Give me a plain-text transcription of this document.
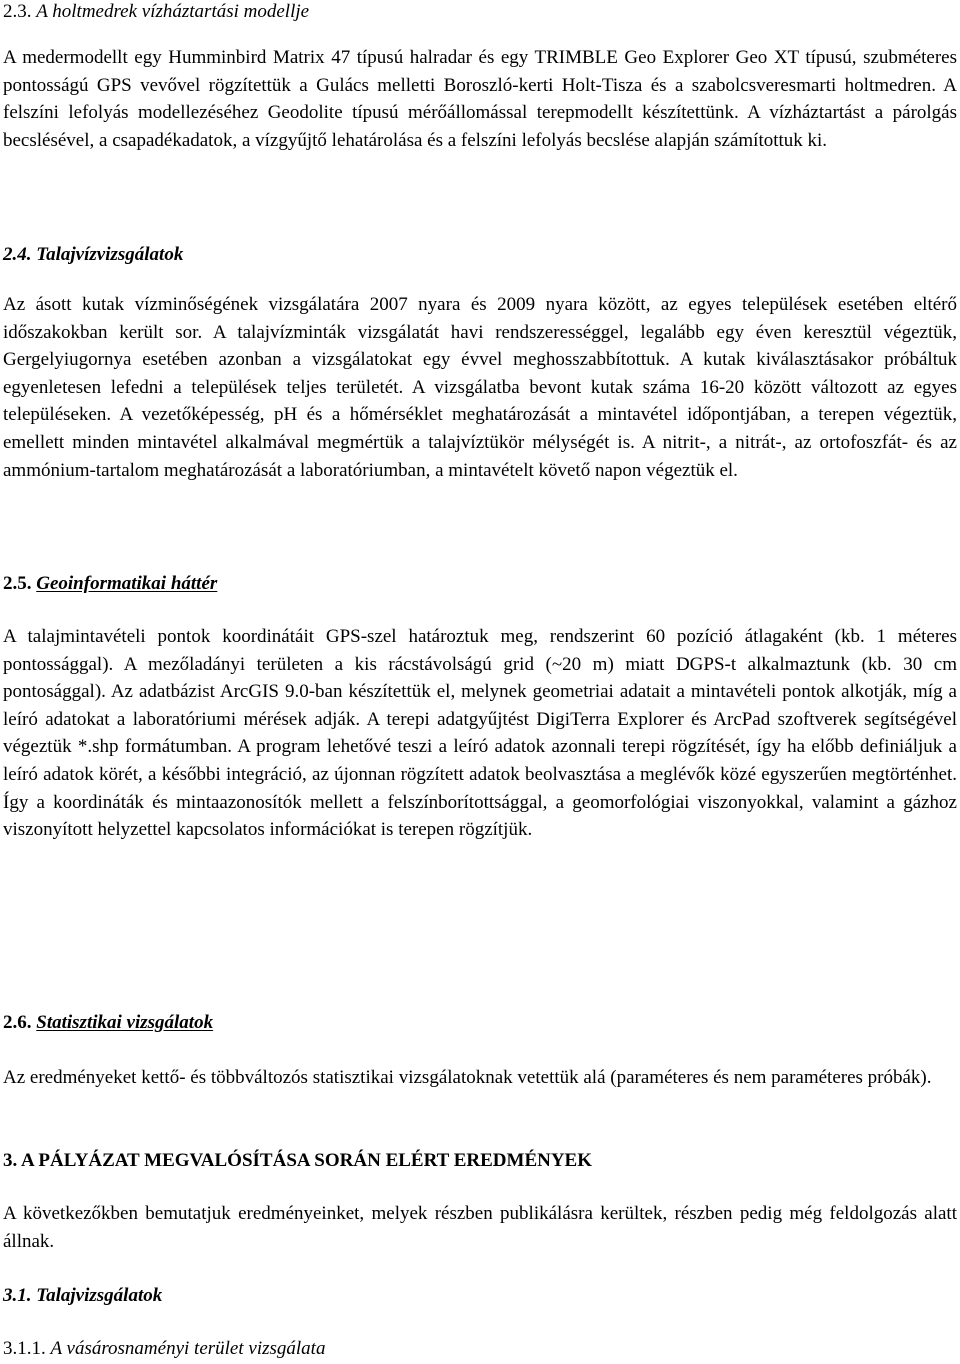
2.3. A holtmedrek vízháztartási modellje

A medermodellt egy Humminbird Matrix 47 típusú halradar és egy TRIMBLE Geo Explorer Geo XT típusú, szubméteres pontosságú GPS vevővel rögzítettük a Gulács melletti Boroszló-kerti Holt-Tisza és a szabolcsveresmarti holtmedren. A felszíni lefolyás modellezéséhez Geodolite típusú mérőállomással terepmodellt készítettünk. A vízháztartást a párolgás becslésével, a csapadékadatok, a vízgyűjtő lehatárolása és a felszíni lefolyás becslése alapján számítottuk ki.

2.4. Talajvízvizsgálatok

Az ásott kutak vízminőségének vizsgálatára 2007 nyara és 2009 nyara között, az egyes települések esetében eltérő időszakokban került sor. A talajvízminták vizsgálatát havi rendszerességgel, legalább egy éven keresztül végeztük, Gergelyiugornya esetében azonban a vizsgálatokat egy évvel meghosszabbítottuk. A kutak kiválasztásakor próbáltuk egyenletesen lefedni a települések teljes területét. A vizsgálatba bevont kutak száma 16-20 között változott az egyes településeken. A vezetőképesség, pH és a hőmérséklet meghatározását a mintavétel időpontjában, a terepen végeztük, emellett minden mintavétel alkalmával megmértük a talajvíztükör mélységét is. A nitrit-, a nitrát-, az ortofoszfát- és az ammónium-tartalom meghatározását a laboratóriumban, a mintavételt követő napon végeztük el.

2.5. Geoinformatikai háttér

A talajmintavételi pontok koordinátáit GPS-szel határoztuk meg, rendszerint 60 pozíció átlagaként (kb. 1 méteres pontossággal). A mezőladányi területen a kis rácstávolságú grid (~20 m) miatt DGPS-t alkalmaztunk (kb. 30 cm pontosággal). Az adatbázist ArcGIS 9.0-ban készítettük el, melynek geometriai adatait a mintavételi pontok alkotják, míg a leíró adatokat a laboratóriumi mérések adják. A terepi adatgyűjtést DigiTerra Explorer és ArcPad szoftverek segítségével végeztük *.shp formátumban. A program lehetővé teszi a leíró adatok azonnali terepi rögzítését, így ha előbb definiáljuk a leíró adatok körét, a későbbi integráció, az újonnan rögzített adatok beolvasztása a meglévők közé egyszerűen megtörténhet. Így a koordináták és mintaazonosítók mellett a felszínborítottsággal, a geomorfológiai viszonyokkal, valamint a gázhoz viszonyított helyzettel kapcsolatos információkat is terepen rögzítjük.

2.6. Statisztikai vizsgálatok

Az eredményeket kettő- és többváltozós statisztikai vizsgálatoknak vetettük alá (paraméteres és nem paraméteres próbák).

3. A PÁLYÁZAT MEGVALÓSÍTÁSA SORÁN ELÉRT EREDMÉNYEK

A következőkben bemutatjuk eredményeinket, melyek részben publikálásra kerültek, részben pedig még feldolgozás alatt állnak.

3.1. Talajvizsgálatok
3.1.1. A vásárosnaményi terület vizsgálata
